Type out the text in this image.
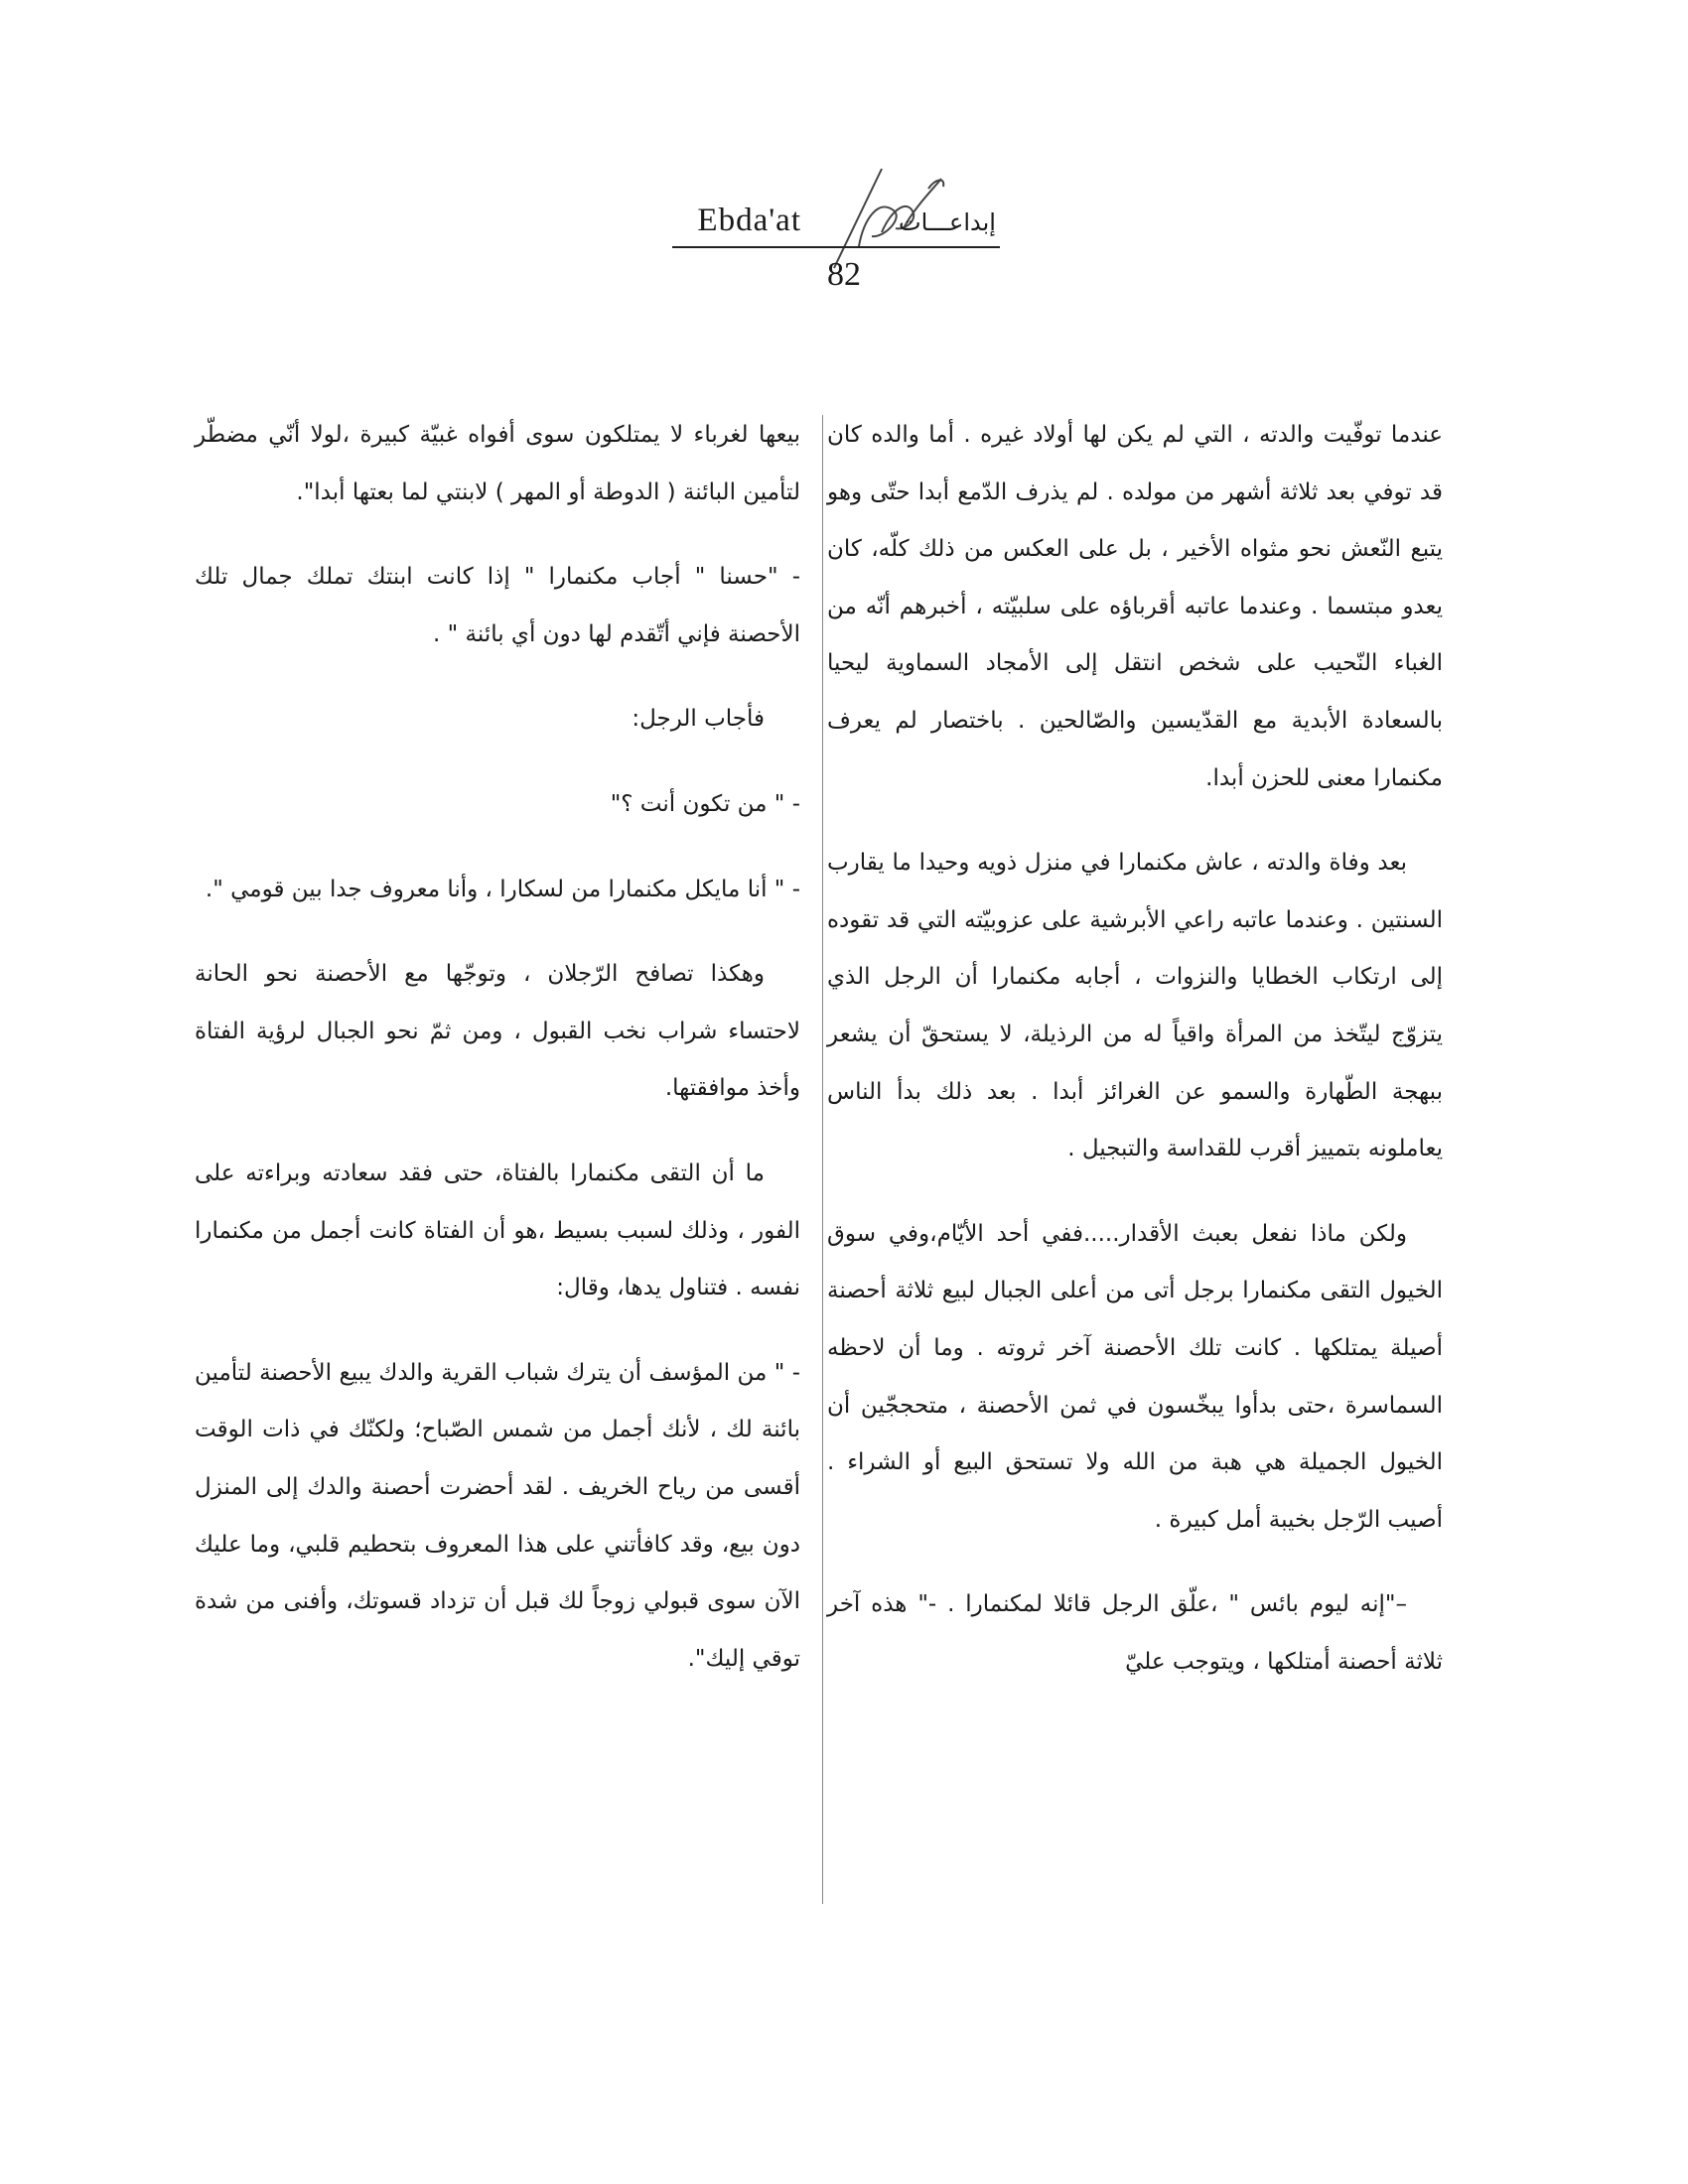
Ebda'at	إبداعـــات
82

عندما توفّيت والدته ، التي لم يكن لها أولاد غيره . أما والده كان قد توفي بعد ثلاثة أشهر من مولده . لم يذرف الدّمع أبدا حتّى وهو يتبع النّعش نحو مثواه الأخير ، بل على العكس من ذلك كلّه، كان يعدو مبتسما . وعندما عاتبه أقرباؤه على سلبيّته ، أخبرهم أنّه من الغباء النّحيب على شخص انتقل إلى الأمجاد السماوية ليحيا بالسعادة الأبدية مع القدّيسين والصّالحين . باختصار لم يعرف مكنمارا معنى للحزن أبدا.

بعد وفاة والدته ، عاش مكنمارا في منزل ذويه وحيدا ما يقارب السنتين . وعندما عاتبه راعي الأبرشية على عزوبيّته التي قد تقوده إلى ارتكاب الخطايا والنزوات ، أجابه مكنمارا أن الرجل الذي يتزوّج ليتّخذ من المرأة واقياً له من الرذيلة، لا يستحقّ أن يشعر ببهجة الطّهارة والسمو عن الغرائز أبدا . بعد ذلك بدأ الناس يعاملونه بتمييز أقرب للقداسة والتبجيل .

ولكن ماذا نفعل بعبث الأقدار.....ففي أحد الأيّام،وفي سوق الخيول التقى مكنمارا برجل أتى من أعلى الجبال لبيع ثلاثة أحصنة أصيلة يمتلكها . كانت تلك الأحصنة آخر ثروته . وما أن لاحظه السماسرة ،حتى بدأوا يبخّسون في ثمن الأحصنة ، متحججّين أن الخيول الجميلة هي هبة من الله ولا تستحق البيع أو الشراء . أصيب الرّجل بخيبة أمل كبيرة .

–"إنه ليوم بائس " ،علّق الرجل قائلا لمكنمارا . -" هذه آخر ثلاثة أحصنة أمتلكها ، ويتوجب عليّ

بيعها لغرباء لا يمتلكون سوى أفواه غبيّة كبيرة ،لولا أنّي مضطّر لتأمين البائنة ( الدوطة أو المهر ) لابنتي لما بعتها أبدا".

- "حسنا " أجاب مكنمارا " إذا كانت ابنتك تملك جمال تلك الأحصنة فإني أتّقدم لها دون أي بائنة " .

فأجاب الرجل:

- " من تكون أنت ؟"

- " أنا مايكل مكنمارا من لسكارا ، وأنا معروف جدا بين قومي ".

وهكذا تصافح الرّجلان ، وتوجّها مع الأحصنة نحو الحانة لاحتساء شراب نخب القبول ، ومن ثمّ نحو الجبال لرؤية الفتاة وأخذ موافقتها.

ما أن التقى مكنمارا بالفتاة، حتى فقد سعادته وبراءته على الفور ، وذلك لسبب بسيط ،هو أن الفتاة كانت أجمل من مكنمارا نفسه . فتناول يدها، وقال:

- " من المؤسف أن يترك شباب القرية والدك يبيع الأحصنة لتأمين بائنة لك ، لأنك أجمل من شمس الصّباح؛ ولكنّك في ذات الوقت أقسى من رياح الخريف . لقد أحضرت أحصنة والدك إلى المنزل دون بيع، وقد كافأتني على هذا المعروف بتحطيم قلبي، وما عليك الآن سوى قبولي زوجاً لك قبل أن تزداد قسوتك، وأفنى من شدة توقي إليك".
